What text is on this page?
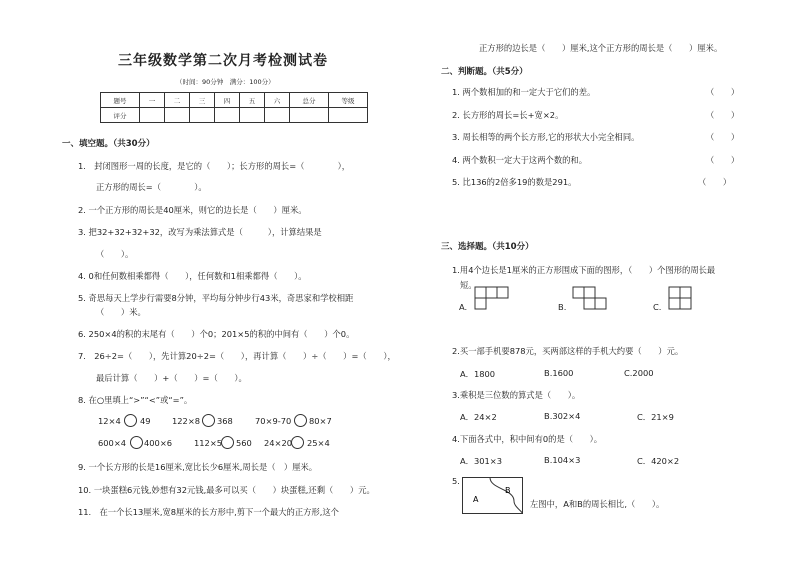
三年级数学第二次月考检测试卷
（时间：90分钟　满分：100分）
题号	一	二	三	四	五	六	总分	等级
评分								
一、填空题。（共30分）
1.　封闭图形一周的长度，是它的（　　）；长方形的周长=（　　　　），
正方形的周长=（　　　　）。
2. 一个正方形的周长是40厘米，则它的边长是（　　）厘米。
3. 把32+32+32+32，改写为乘法算式是（　　　），计算结果是
（　　）。
4. 0和任何数相乘都得（　　），任何数和1相乘都得（　　）。
5. 奇思每天上学步行需要8分钟，平均每分钟步行43米，奇思家和学校相距
（　　）米。
6. 250×4的积的末尾有（　　）个0；201×5的积的中间有（　　）个0。
7.　26÷2=（　　），先计算20÷2=（　　），再计算（　　）÷（　　）=（　　），
最后计算（　　）+（　　）=（　　）。
8. 在○里填上“>”“<”或“=”。
12×4 49	122×8 368	70×9-70 80×7
600×4 400×6	112×5 560 24×20 25×4
9. 一个长方形的长是16厘米,宽比长少6厘米,周长是（　）厘米。
10. 一块蛋糕6元钱,妙想有32元钱,最多可以买（　　）块蛋糕,还剩（　　）元。
11.　在一个长13厘米,宽8厘米的长方形中,剪下一个最大的正方形,这个
正方形的边长是（　　）厘米,这个正方形的周长是（　　）厘米。
二、判断题。（共5分）
1. 两个数相加的和一定大于它们的差。	（　　）
2. 长方形的周长=长+宽×2。	（　　）
3. 周长相等的两个长方形,它的形状大小完全相同。	（　　）
4. 两个数积一定大于这两个数的和。	（　　）
5. 比136的2倍多19的数是291。	（　　）
三、选择题。（共10分）
1.用4个边长是1厘米的正方形围成下面的图形，（　　）个图形的周长最
短。
A.	B.	C.
2.买一部手机要878元，买两部这样的手机大约要（　　）元。
A．1800	B.1600	C.2000
3.乘积是三位数的算式是（　　）。
A．24×2	B.302×4	C．21×9
4.下面各式中，积中间有0的是（　　）。
A．301×3	B.104×3	C．420×2
5.
A
B
左图中，A和B的周长相比,（　　）。
